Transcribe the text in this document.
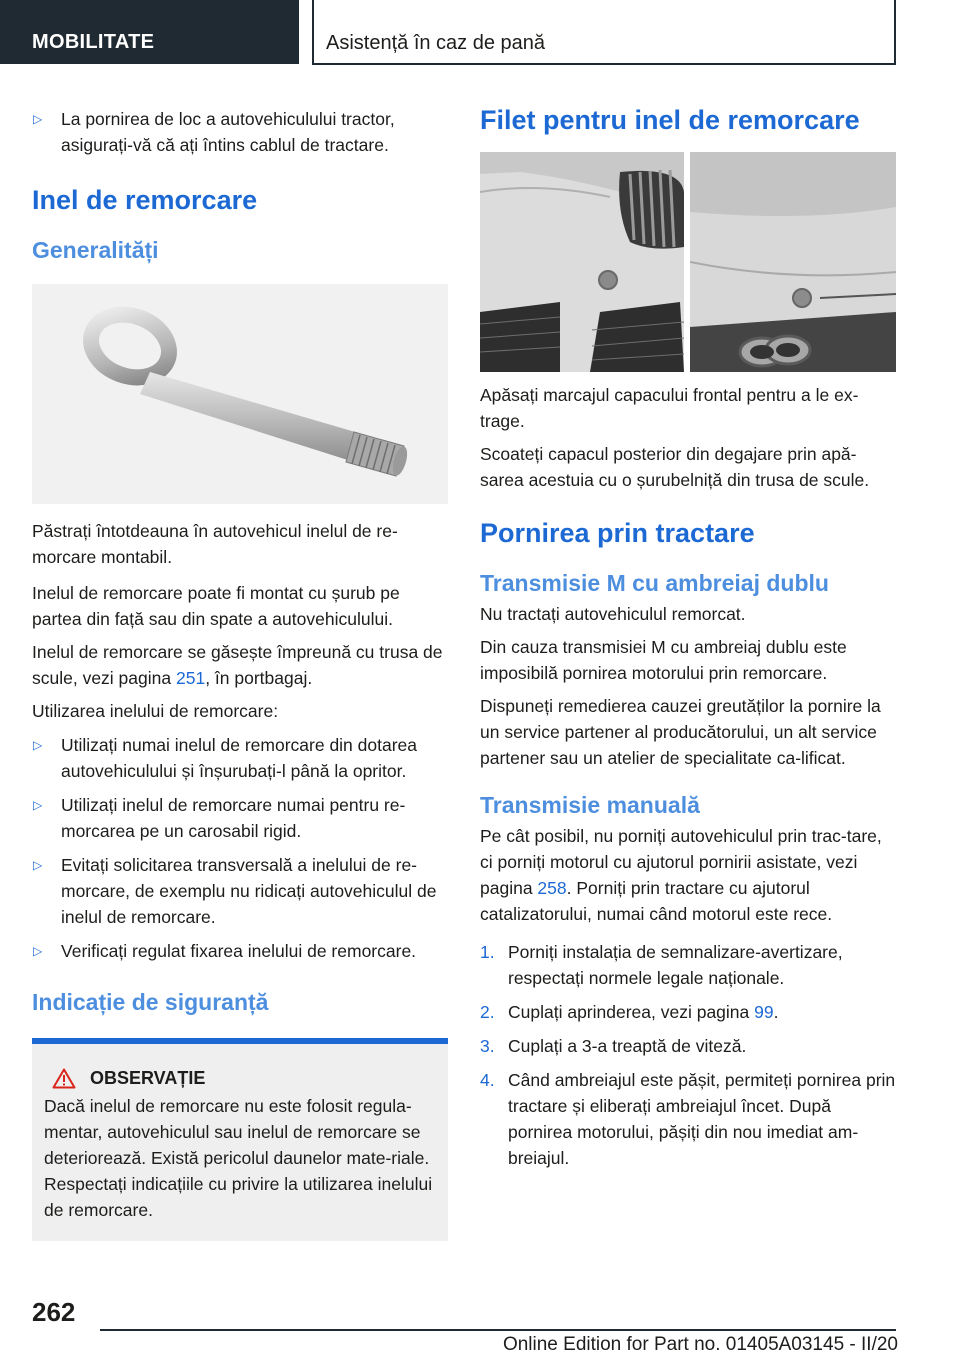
MOBILITATE	Asistență în caz de pană
▷ La pornirea de loc a autovehiculului tractor, asigurați-vă că ați întins cablul de tractare.
Inel de remorcare
Generalități

Păstrați întotdeauna în autovehicul inelul de re-morcare montabil.

Inelul de remorcare poate fi montat cu șurub pe partea din față sau din spate a autovehiculului.

Inelul de remorcare se găsește împreună cu trusa de scule, vezi pagina 251, în portbagaj.

Utilizarea inelului de remorcare:

▷ Utilizați numai inelul de remorcare din dotarea autovehiculului și înșurubați-l până la opritor.
▷ Utilizați inelul de remorcare numai pentru re-morcarea pe un carosabil rigid.
▷ Evitați solicitarea transversală a inelului de re-morcare, de exemplu nu ridicați autovehiculul de inelul de remorcare.
▷ Verificați regulat fixarea inelului de remorcare.
Indicație de siguranță
OBSERVAȚIE

Dacă inelul de remorcare nu este folosit regula-mentar, autovehiculul sau inelul de remorcare se deteriorează. Există pericolul daunelor mate-riale. Respectați indicațiile cu privire la utilizarea inelului de remorcare.

Filet pentru inel de remorcare

Apăsați marcajul capacului frontal pentru a le ex-trage.

Scoateți capacul posterior din degajare prin apă-sarea acestuia cu o șurubelniță din trusa de scule.

Pornirea prin tractare
Transmisie M cu ambreiaj dublu

Nu tractați autovehiculul remorcat.

Din cauza transmisiei M cu ambreiaj dublu este imposibilă pornirea motorului prin remorcare.

Dispuneți remedierea cauzei greutăților la pornire la un service partener al producătorului, un alt service partener sau un atelier de specialitate ca-lificat.

Transmisie manuală

Pe cât posibil, nu porniți autovehiculul prin trac-tare, ci porniți motorul cu ajutorul pornirii asistate, vezi pagina 258. Porniți prin tractare cu ajutorul catalizatorului, numai când motorul este rece.

1. Porniți instalația de semnalizare-avertizare, respectați normele legale naționale.
2. Cuplați aprinderea, vezi pagina 99.
3. Cuplați a 3-a treaptă de viteză.
4. Când ambreiajul este pășit, permiteți pornirea prin tractare și eliberați ambreiajul încet. După pornirea motorului, pășiți din nou imediat am-breiajul.
262
Online Edition for Part no. 01405A03145 - II/20
